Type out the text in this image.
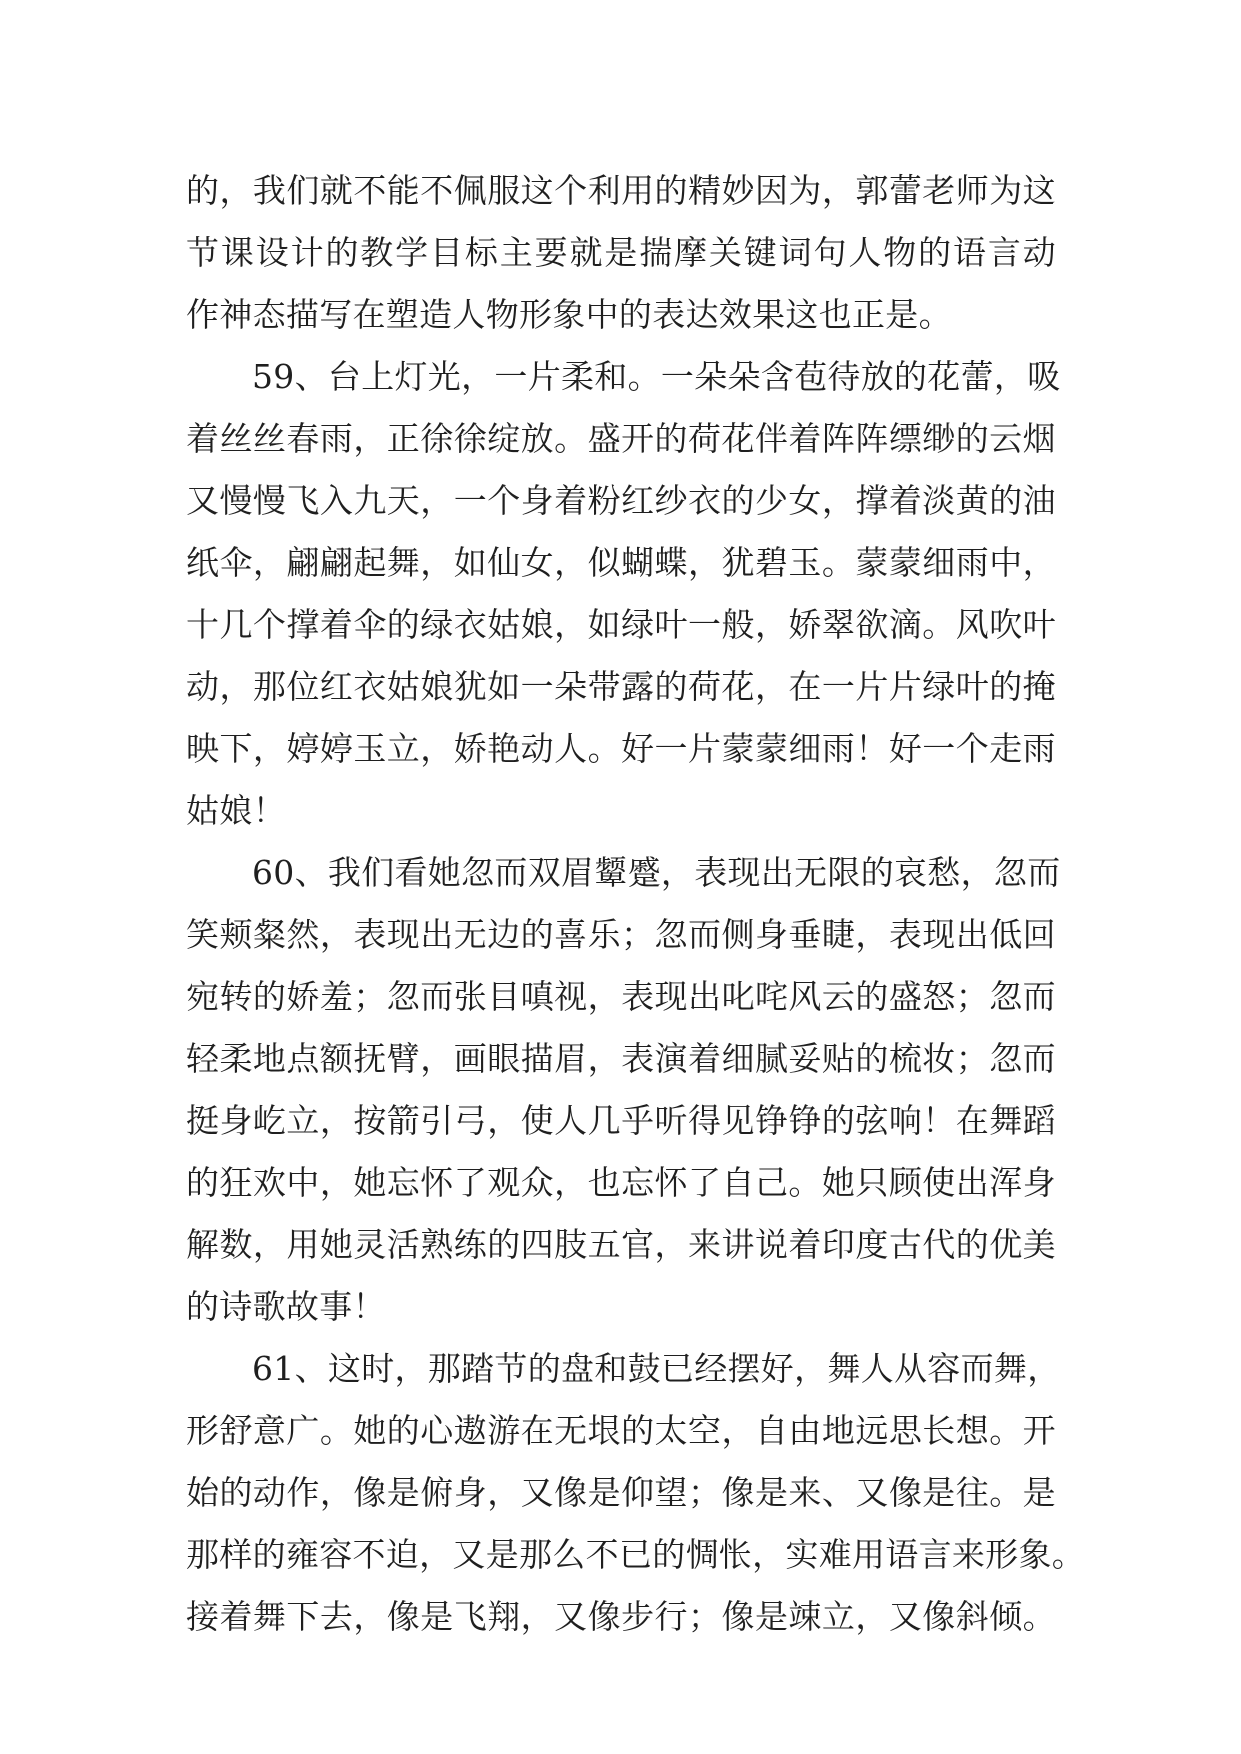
的，我们就不能不佩服这个利用的精妙因为，郭蕾老师为这
节课设计的教学目标主要就是揣摩关键词句人物的语言动
作神态描写在塑造人物形象中的表达效果这也正是。
59、台上灯光，一片柔和。一朵朵含苞待放的花蕾，吸
着丝丝春雨，正徐徐绽放。盛开的荷花伴着阵阵缥缈的云烟
又慢慢飞入九天，一个身着粉红纱衣的少女，撑着淡黄的油
纸伞，翩翩起舞，如仙女，似蝴蝶，犹碧玉。蒙蒙细雨中，
十几个撑着伞的绿衣姑娘，如绿叶一般，娇翠欲滴。风吹叶
动，那位红衣姑娘犹如一朵带露的荷花，在一片片绿叶的掩
映下，婷婷玉立，娇艳动人。好一片蒙蒙细雨！好一个走雨
姑娘！
60、我们看她忽而双眉颦蹙，表现出无限的哀愁，忽而
笑颊粲然，表现出无边的喜乐；忽而侧身垂睫，表现出低回
宛转的娇羞；忽而张目嗔视，表现出叱咤风云的盛怒；忽而
轻柔地点额抚臂，画眼描眉，表演着细腻妥贴的梳妆；忽而
挺身屹立，按箭引弓，使人几乎听得见铮铮的弦响！在舞蹈
的狂欢中，她忘怀了观众，也忘怀了自己。她只顾使出浑身
解数，用她灵活熟练的四肢五官，来讲说着印度古代的优美
的诗歌故事！
61、这时，那踏节的盘和鼓已经摆好，舞人从容而舞，
形舒意广。她的心遨游在无垠的太空，自由地远思长想。开
始的动作，像是俯身，又像是仰望；像是来、又像是往。是
那样的雍容不迫，又是那么不已的惆怅，实难用语言来形象。
接着舞下去，像是飞翔，又像步行；像是竦立，又像斜倾。
